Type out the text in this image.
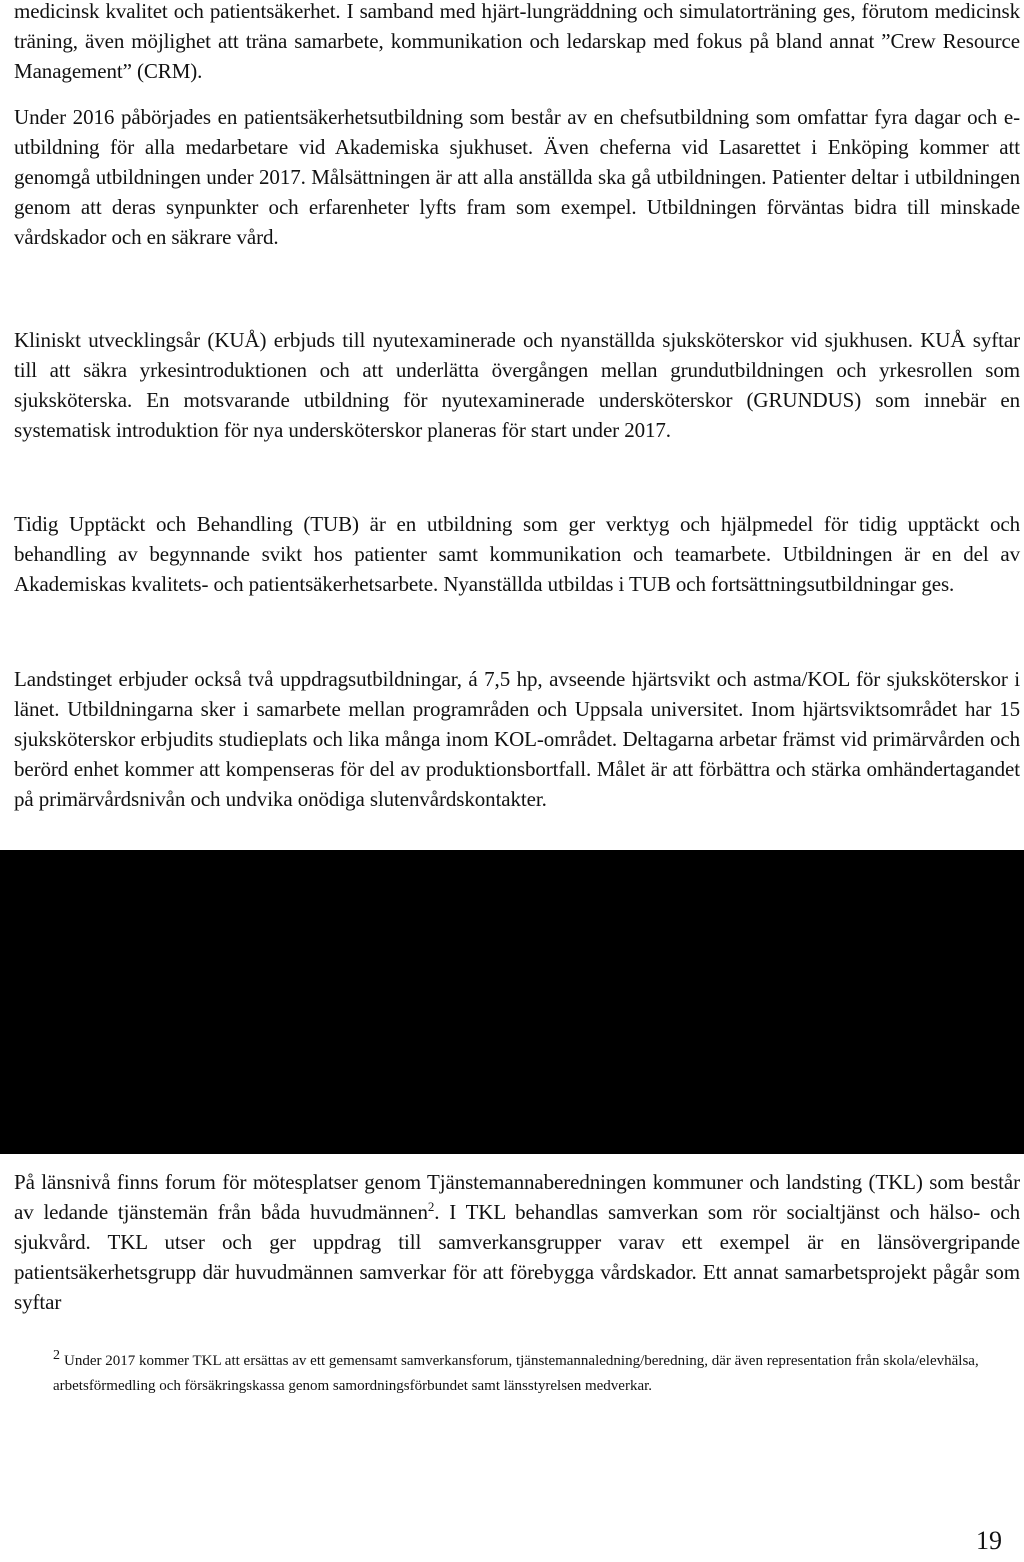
medicinsk kvalitet och patientsäkerhet. I samband med hjärt-lungräddning och simulatorträning ges, förutom medicinsk träning, även möjlighet att träna samarbete, kommunikation och ledarskap med fokus på bland annat ”Crew Resource Management” (CRM).

Under 2016 påbörjades en patientsäkerhetsutbildning som består av en chefsutbildning som omfattar fyra dagar och e-utbildning för alla medarbetare vid Akademiska sjukhuset. Även cheferna vid Lasarettet i Enköping kommer att genomgå utbildningen under 2017. Målsättningen är att alla anställda ska gå utbildningen. Patienter deltar i utbildningen genom att deras synpunkter och erfarenheter lyfts fram som exempel. Utbildningen förväntas bidra till minskade vårdskador och en säkrare vård.

Kliniskt utvecklingsår (KUÅ) erbjuds till nyutexaminerade och nyanställda sjuksköterskor vid sjukhusen. KUÅ syftar till att säkra yrkesintroduktionen och att underlätta övergången mellan grundutbildningen och yrkesrollen som sjuksköterska. En motsvarande utbildning för nyutexaminerade undersköterskor (GRUNDUS) som innebär en systematisk introduktion för nya undersköterskor planeras för start under 2017.

Tidig Upptäckt och Behandling (TUB) är en utbildning som ger verktyg och hjälpmedel för tidig upptäckt och behandling av begynnande svikt hos patienter samt kommunikation och teamarbete. Utbildningen är en del av Akademiskas kvalitets- och patientsäkerhetsarbete. Nyanställda utbildas i TUB och fortsättningsutbildningar ges.

Landstinget erbjuder också två uppdragsutbildningar, á 7,5 hp, avseende hjärtsvikt och astma/KOL för sjuksköterskor i länet. Utbildningarna sker i samarbete mellan programråden och Uppsala universitet. Inom hjärtsviktsområdet har 15 sjuksköterskor erbjudits studieplats och lika många inom KOL-området. Deltagarna arbetar främst vid primärvården och berörd enhet kommer att kompenseras för del av produktionsbortfall. Målet är att förbättra och stärka omhändertagandet på primärvårdsnivån och undvika onödiga slutenvårdskontakter.

På länsnivå finns forum för mötesplatser genom Tjänstemannaberedningen kommuner och landsting (TKL) som består av ledande tjänstemän från båda huvudmännen$^2$. I TKL behandlas samverkan som rör socialtjänst och hälso- och sjukvård. TKL utser och ger uppdrag till samverkansgrupper varav ett exempel är en länsövergripande patientsäkerhetsgrupp där huvudmännen samverkar för att förebygga vårdskador. Ett annat samarbetsprojekt pågår som syftar

2 Under 2017 kommer TKL att ersättas av ett gemensamt samverkansforum, tjänstemannaledning/beredning, där även representation från skola/elevhälsa, arbetsförmedling och försäkringskassa genom samordningsförbundet samt länsstyrelsen medverkar.

19
